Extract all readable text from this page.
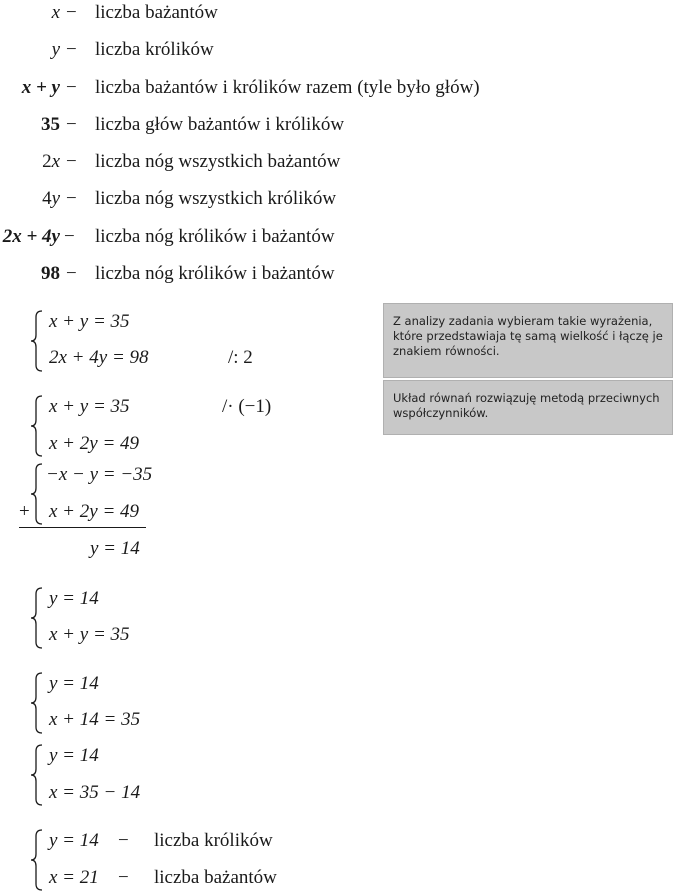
x − liczba bażantów
y − liczba królików
x + y − liczba bażantów i królików razem (tyle było głów)
35 − liczba głów bażantów i królików
2x − liczba nóg wszystkich bażantów
4y − liczba nóg wszystkich królików
2x + 4y − liczba nóg królików i bażantów
98 − liczba nóg królików i bażantów
x + y = 35
2x + 4y = 98	/: 2
x + y = 35
x + 2y = 49
/· (−1)
−x − y = −35
x + 2y = 49
+
y = 14
y = 14
x + y = 35
y = 14
x + 14 = 35
y = 14
x = 35 − 14
y = 14 − liczba królików
x = 21 − liczba bażantów
Z analizy zadania wybieram takie wyrażenia, które przedstawiaja tę samą wielkość i łączę je znakiem równości.
Układ równań rozwiązuję metodą przeciwnych współczynników.
